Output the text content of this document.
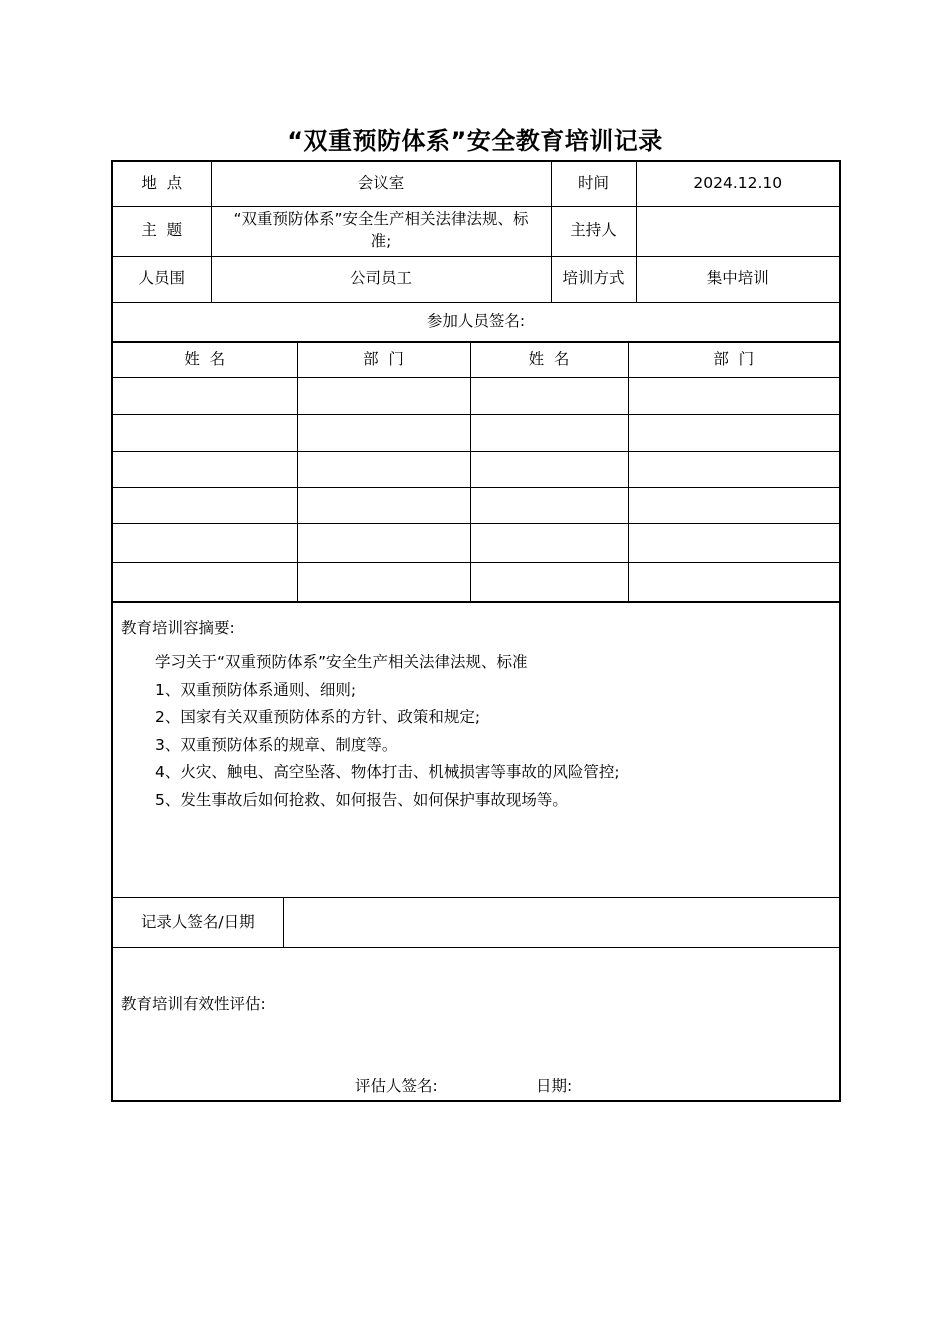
“双重预防体系”安全教育培训记录
地  点	会议室	时间	2024.12.10
主  题	“双重预防体系”安全生产相关法律法规、标准;	主持人	
人员围	公司员工	培训方式	集中培训
参加人员签名:			
姓  名	部  门	姓  名	部  门

教育培训容摘要:
学习关于“双重预防体系”安全生产相关法律法规、标准
1、双重预防体系通则、细则;
2、国家有关双重预防体系的方针、政策和规定;
3、双重预防体系的规章、制度等。
4、火灾、触电、高空坠落、物体打击、机械损害等事故的风险管控;
5、发生事故后如何抢救、如何报告、如何保护事故现场等。

记录人签名/日期	

教育培训有效性评估:
评估人签名:	日期:
